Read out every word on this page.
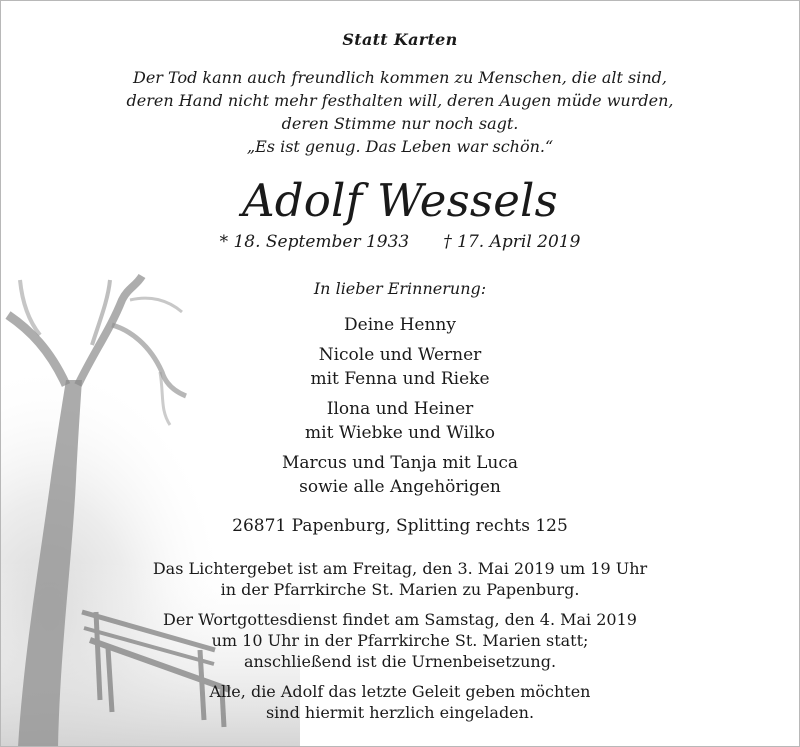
Statt Karten
Der Tod kann auch freundlich kommen zu Menschen, die alt sind,
deren Hand nicht mehr festhalten will, deren Augen müde wurden,
deren Stimme nur noch sagt.
„Es ist genug. Das Leben war schön.“
Adolf Wessels
* 18. September 1933 † 17. April 2019
In lieber Erinnerung:
Deine Henny
Nicole und Werner
mit Fenna und Rieke
Ilona und Heiner
mit Wiebke und Wilko
Marcus und Tanja mit Luca
sowie alle Angehörigen
26871 Papenburg, Splitting rechts 125
Das Lichtergebet ist am Freitag, den 3. Mai 2019 um 19 Uhr
in der Pfarrkirche St. Marien zu Papenburg.
Der Wortgottesdienst findet am Samstag, den 4. Mai 2019
um 10 Uhr in der Pfarrkirche St. Marien statt;
anschließend ist die Urnenbeisetzung.
Alle, die Adolf das letzte Geleit geben möchten
sind hiermit herzlich eingeladen.
